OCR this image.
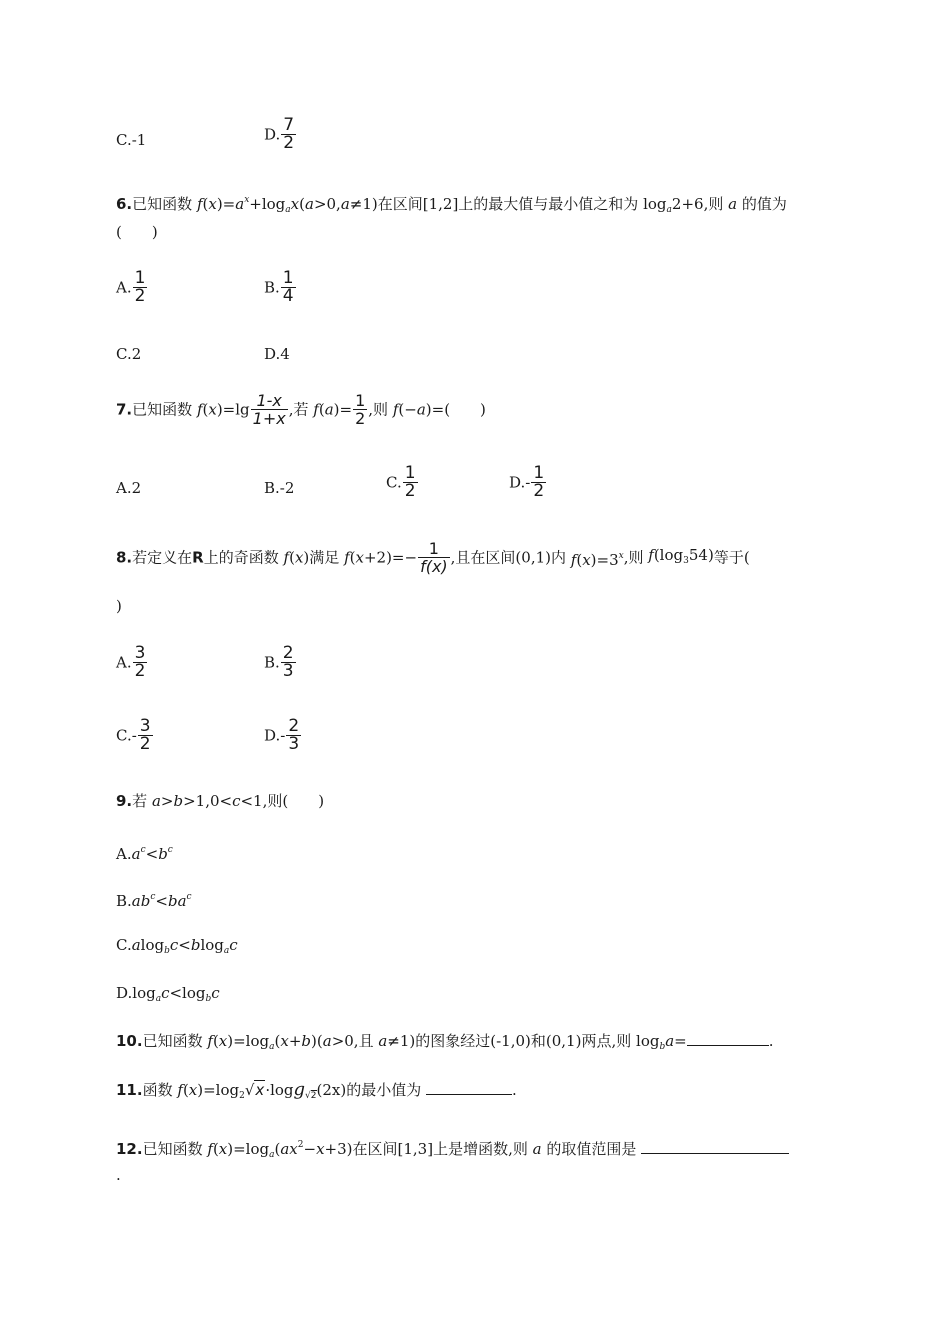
C.-1	D. $\frac{7}{2}$
6.已知函数 $f(x)=a^x+\log_ax(a>0,a\ne 1)$在区间[1,2]上的最大值与最小值之和为 $\log_a2+6$,则 a 的值为
(　　)
A. $\frac{1}{2}$	B. $\frac{1}{4}$
C.2	D.4
7.已知函数 $f(x)=\lg \frac{1-x}{1+x}$ ,若 $f(a)= \frac{1}{2}$ ,则 f(−a)=(　　)
A.2	B.-2	C. $\frac{1}{2}$	$D.- \frac{1}{2}$
8.若定义在R上的奇函数 f(x)满足 $f(x+2)=- \frac{1}{f(x)}$ ,且在区间(0,1)内 $f(x)=3^x$,则 $f(\log_354)$等于(
)
A. $\frac{3}{2}$	B. $\frac{2}{3}$
$C.- \frac{3}{2}$	$D.- \frac{2}{3}$
9.若 a>b>1,0<c<1,则(　　)
$A.a^c<b^c$
$B.ab^c<ba^c$
C.alog$_b$c<blog$_a$c
$D.\log_ac<\log_bc$
10.已知函数 $f(x)=\log_a(x+b)(a>0$,且 a≠1)的图象经过(-1,0)和(0,1)两点,则 $\log_ba=$	.
11.函数 $f(x)=\log_2√x\cdot\log g_{√2}(2x)$的最小值为	.
12.已知函数 $f(x)=\log_a(ax^2-x+3)$在区间[1,3]上是增函数,则 a 的取值范围是
.
